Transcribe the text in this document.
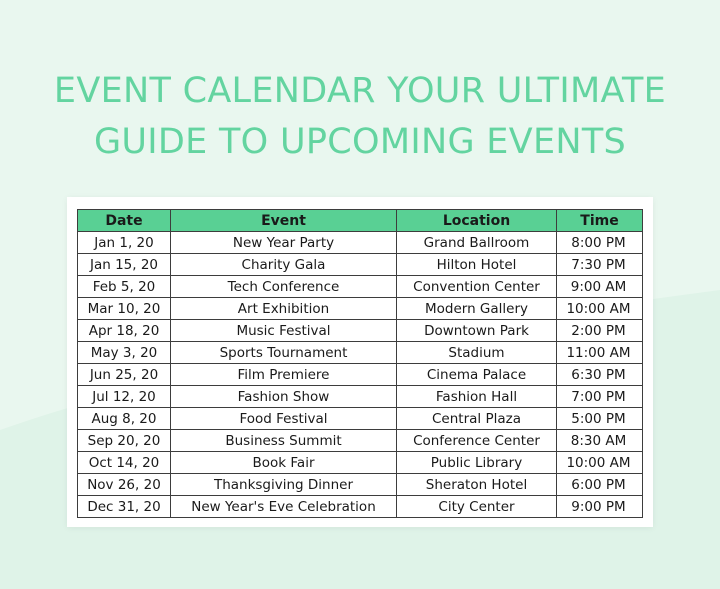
EVENT CALENDAR YOUR ULTIMATE
GUIDE TO UPCOMING EVENTS
Date	Event	Location	Time
Jan 1, 20	New Year Party	Grand Ballroom	8:00 PM
Jan 15, 20	Charity Gala	Hilton Hotel	7:30 PM
Feb 5, 20	Tech Conference	Convention Center	9:00 AM
Mar 10, 20	Art Exhibition	Modern Gallery	10:00 AM
Apr 18, 20	Music Festival	Downtown Park	2:00 PM
May 3, 20	Sports Tournament	Stadium	11:00 AM
Jun 25, 20	Film Premiere	Cinema Palace	6:30 PM
Jul 12, 20	Fashion Show	Fashion Hall	7:00 PM
Aug 8, 20	Food Festival	Central Plaza	5:00 PM
Sep 20, 20	Business Summit	Conference Center	8:30 AM
Oct 14, 20	Book Fair	Public Library	10:00 AM
Nov 26, 20	Thanksgiving Dinner	Sheraton Hotel	6:00 PM
Dec 31, 20	New Year's Eve Celebration	City Center	9:00 PM
